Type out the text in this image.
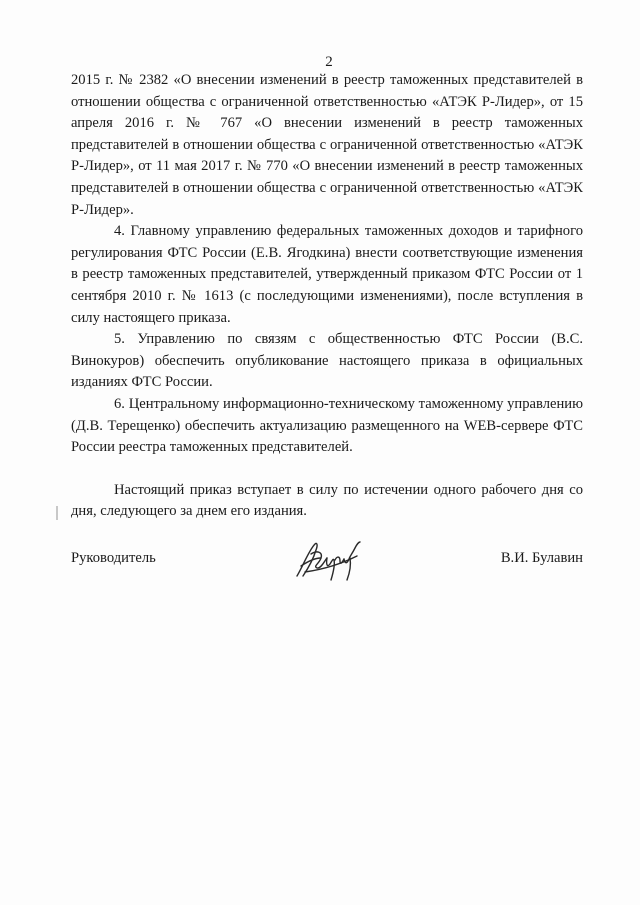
2

2015 г. № 2382 «О внесении изменений в реестр таможенных представителей в отношении общества с ограниченной ответственностью «АТЭК Р-Лидер», от 15 апреля 2016 г. № 767 «О внесении изменений в реестр таможенных представителей в отношении общества с ограниченной ответственностью «АТЭК Р-Лидер», от 11 мая 2017 г. № 770 «О внесении изменений в реестр таможенных представителей в отношении общества с ограниченной ответственностью «АТЭК Р-Лидер».

4. Главному управлению федеральных таможенных доходов и тарифного регулирования ФТС России (Е.В. Ягодкина) внести соответствующие изменения в реестр таможенных представителей, утвержденный приказом ФТС России от 1 сентября 2010 г. № 1613 (с последующими изменениями), после вступления в силу настоящего приказа.

5. Управлению по связям с общественностью ФТС России (В.С. Винокуров) обеспечить опубликование настоящего приказа в официальных изданиях ФТС России.

6. Центральному информационно-техническому таможенному управлению (Д.В. Терещенко) обеспечить актуализацию размещенного на WEB-сервере ФТС России реестра таможенных представителей.

Настоящий приказ вступает в силу по истечении одного рабочего дня со дня, следующего за днем его издания.

Руководитель	В.И. Булавин
